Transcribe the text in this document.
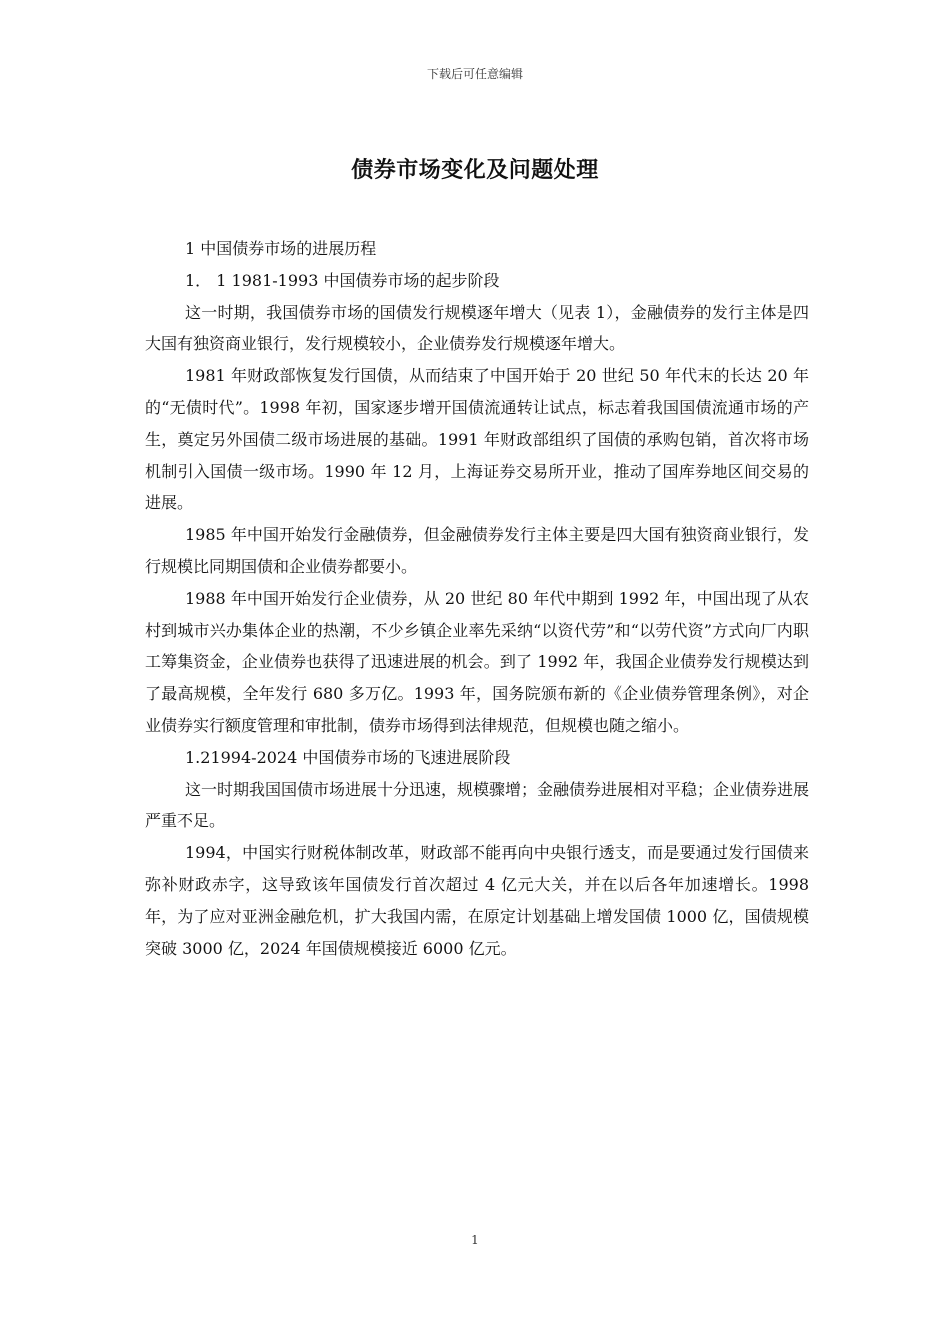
下载后可任意编辑
债券市场变化及问题处理

1 中国债券市场的进展历程

1． 1 1981-1993 中国债券市场的起步阶段

这一时期，我国债券市场的国债发行规模逐年增大（见表 1），金融债券的发行主体是四大国有独资商业银行，发行规模较小，企业债券发行规模逐年增大。

1981 年财政部恢复发行国债，从而结束了中国开始于 20 世纪 50 年代末的长达 20 年的“无债时代”。1998 年初，国家逐步增开国债流通转让试点，标志着我国国债流通市场的产生，奠定另外国债二级市场进展的基础。1991 年财政部组织了国债的承购包销，首次将市场机制引入国债一级市场。1990 年 12 月，上海证券交易所开业，推动了国库券地区间交易的进展。

1985 年中国开始发行金融债券，但金融债券发行主体主要是四大国有独资商业银行，发行规模比同期国债和企业债券都要小。

1988 年中国开始发行企业债券，从 20 世纪 80 年代中期到 1992 年，中国出现了从农村到城市兴办集体企业的热潮，不少乡镇企业率先采纳“以资代劳”和“以劳代资”方式向厂内职工筹集资金，企业债券也获得了迅速进展的机会。到了 1992 年，我国企业债券发行规模达到了最高规模，全年发行 680 多万亿。1993 年，国务院颁布新的《企业债券管理条例》，对企业债券实行额度管理和审批制，债券市场得到法律规范，但规模也随之缩小。

1.21994-2024 中国债券市场的飞速进展阶段

这一时期我国国债市场进展十分迅速，规模骤增；金融债券进展相对平稳；企业债券进展严重不足。

1994，中国实行财税体制改革，财政部不能再向中央银行透支，而是要通过发行国债来弥补财政赤字，这导致该年国债发行首次超过 4 亿元大关，并在以后各年加速增长。1998 年，为了应对亚洲金融危机，扩大我国内需，在原定计划基础上增发国债 1000 亿，国债规模突破 3000 亿，2024 年国债规模接近 6000 亿元。

1
